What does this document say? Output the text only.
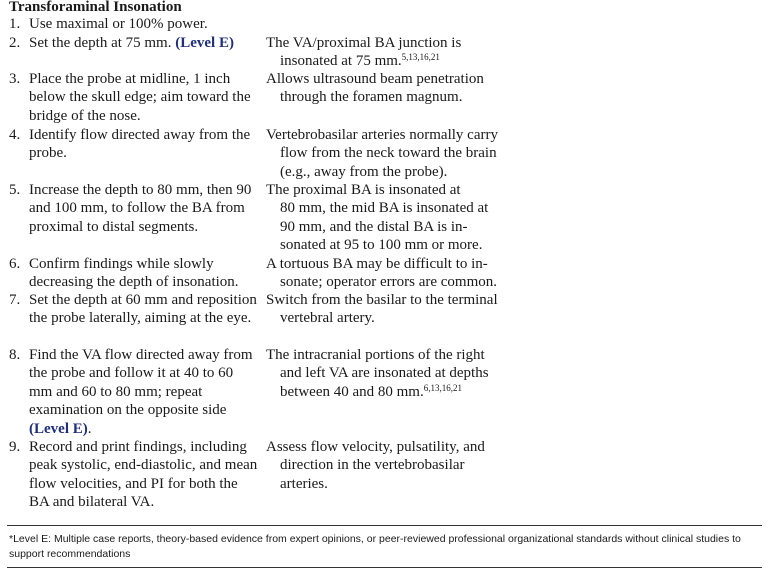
Transforaminal Insonation
1. Use maximal or 100% power.
2. Set the depth at 75 mm. (Level E)
3. Place the probe at midline, 1 inch below the skull edge; aim toward the bridge of the nose.
4. Identify flow directed away from the probe.
5. Increase the depth to 80 mm, then 90 and 100 mm, to follow the BA from proximal to distal segments.
6. Confirm findings while slowly decreasing the depth of insonation.
7. Set the depth at 60 mm and reposition the probe laterally, aiming at the eye.
8. Find the VA flow directed away from the probe and follow it at 40 to 60 mm and 60 to 80 mm; repeat examination on the opposite side (Level E).
9. Record and print findings, including peak systolic, end-diastolic, and mean flow velocities, and PI for both the BA and bilateral VA.
The VA/proximal BA junction is
insonated at 75 mm.$^{5,13,16,21}$
Allows ultrasound beam penetration
through the foramen magnum.
Vertebrobasilar arteries normally carry
flow from the neck toward the brain
(e.g., away from the probe).
The proximal BA is insonated at
80 mm, the mid BA is insonated at
90 mm, and the distal BA is in-
sonated at 95 to 100 mm or more.
A tortuous BA may be difficult to in-
sonate; operator errors are common.
Switch from the basilar to the terminal
vertebral artery.
The intracranial portions of the right
and left VA are insonated at depths
between 40 and 80 mm.$^{6,13,16,21}$
Assess flow velocity, pulsatility, and
direction in the vertebrobasilar
arteries.
*Level E: Multiple case reports, theory-based evidence from expert opinions, or peer-reviewed professional organizational standards without clinical studies to support recommendations
